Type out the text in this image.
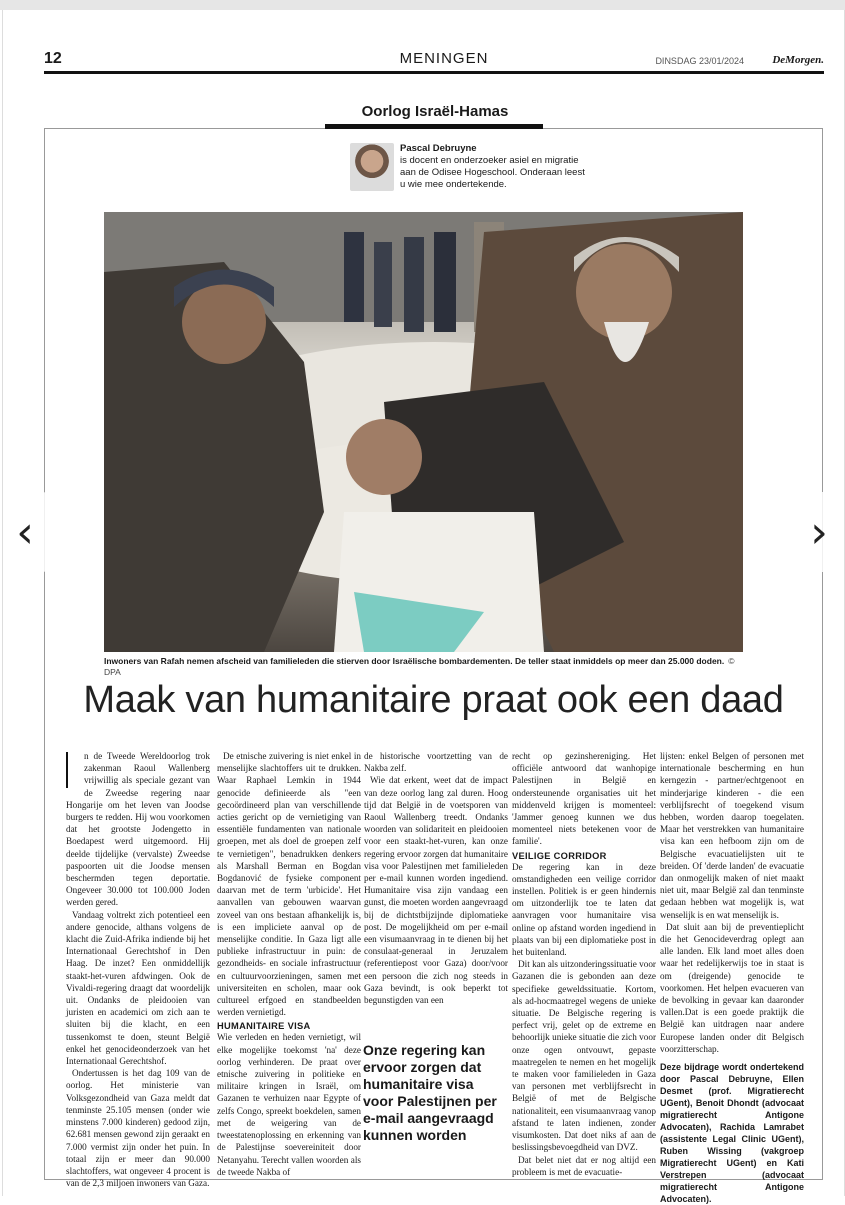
12	MENINGEN	DINSDAG 23/01/2024	DeMorgen.
Oorlog Israël-Hamas
Pascal Debruyne
is docent en onderzoeker asiel en migratie aan de Odisee Hogeschool. Onderaan leest u wie mee ondertekende.
Inwoners van Rafah nemen afscheid van familieleden die stierven door Israëlische bombardementen. De teller staat inmiddels op meer dan 25.000 doden. © DPA
Maak van humanitaire praat ook een daad

n de Tweede Wereldoorlog trok zakenman Raoul Wallenberg vrijwillig als speciale gezant van de Zweedse regering naar Hongarije om het leven van Joodse burgers te redden. Hij wou voorkomen dat het grootste Jodengetto in Boedapest werd uitgemoord. Hij deelde tijdelijke (vervalste) Zweedse paspoorten uit die Joodse mensen beschermden tegen deportatie. Ongeveer 30.000 tot 100.000 Joden werden gered.

Vandaag voltrekt zich potentieel een andere genocide, althans volgens de klacht die Zuid-Afrika indiende bij het Internationaal Gerechtshof in Den Haag. De inzet? Een onmiddellijk staakt-het-vuren afdwingen. Ook de Vivaldi-regering draagt dat woordelijk uit. Ondanks de pleidooien van juristen en academici om zich aan te sluiten bij die klacht, en een tussenkomst te doen, steunt België enkel het genocideonderzoek van het Internationaal Gerechtshof.

Ondertussen is het dag 109 van de oorlog. Het ministerie van Volksgezondheid van Gaza meldt dat tenminste 25.105 mensen (onder wie minstens 7.000 kinderen) gedood zijn, 62.681 mensen gewond zijn geraakt en 7.000 vermist zijn onder het puin. In totaal zijn er meer dan 90.000 slachtoffers, wat ongeveer 4 procent is van de 2,3 miljoen inwoners van Gaza.

De etnische zuivering is niet enkel in menselijke slachtoffers uit te drukken. Waar Raphael Lemkin in 1944 genocide definieerde als "een gecoördineerd plan van verschillende acties gericht op de vernietiging van essentiële fundamenten van nationale groepen, met als doel de groepen zelf te vernietigen", benadrukken denkers als Marshall Berman en Bogdan Bogdanović de fysieke component daarvan met de term 'urbicide'. Het aanvallen van gebouwen waarvan zoveel van ons bestaan afhankelijk is, is een impliciete aanval op de menselijke conditie. In Gaza ligt alle publieke infrastructuur in puin: de gezondheids- en sociale infrastructuur en cultuurvoorzieningen, samen met universiteiten en scholen, maar ook cultureel erfgoed en standbeelden werden vernietigd.

HUMANITAIRE VISA

Wie verleden en heden vernietigt, wil elke mogelijke toekomst 'na' deze oorlog verhinderen. De praat over etnische zuivering in politieke en militaire kringen in Israël, om Gazanen te verhuizen naar Egypte of zelfs Congo, spreekt boekdelen, samen met de weigering van de tweestatenoplossing en erkenning van de Palestijnse soevereiniteit door Netanyahu. Terecht vallen woorden als de tweede Nakba of

de historische voortzetting van de Nakba zelf.

Wie dat erkent, weet dat de impact van deze oorlog lang zal duren. Hoog tijd dat België in de voetsporen van Raoul Wallenberg treedt. Ondanks woorden van solidariteit en pleidooien voor een staakt-het-vuren, kan onze regering ervoor zorgen dat humanitaire visa voor Palestijnen met familieleden per e-mail kunnen worden ingediend. Humanitaire visa zijn vandaag een gunst, die moeten worden aangevraagd bij de dichtstbijzijnde diplomatieke post. De mogelijkheid om per e-mail een visumaanvraag in te dienen bij het consulaat-generaal in Jeruzalem (referentiepost voor Gaza) door/voor een persoon die zich nog steeds in Gaza bevindt, is ook beperkt tot begunstigden van een

recht op gezinshereniging. Het officiële antwoord dat wanhopige Palestijnen in België en ondersteunende organisaties uit het middenveld krijgen is momenteel: 'Jammer genoeg kunnen we dus momenteel niets betekenen voor de familie'.

VEILIGE CORRIDOR

De regering kan in deze omstandigheden een veilige corridor instellen. Politiek is er geen hindernis om uitzonderlijk toe te laten dat aanvragen voor humanitaire visa online op afstand worden ingediend in plaats van bij een diplomatieke post in het buitenland.

Dit kan als uitzonderingssituatie voor Gazanen die is gebonden aan deze specifieke geweldssituatie. Kortom, als ad-hocmaatregel wegens de unieke situatie. De Belgische regering is perfect vrij, gelet op de extreme en behoorlijk unieke situatie die zich voor onze ogen ontvouwt, gepaste maatregelen te nemen en het mogelijk te maken voor familieleden in Gaza van personen met verblijfsrecht in België of met de Belgische nationaliteit, een visumaanvraag vanop afstand te laten indienen, zonder visumkosten. Dat doet niks af aan de beslissingsbevoegdheid van DVZ.

Dat belet niet dat er nog altijd een probleem is met de evacuatie-

lijsten: enkel Belgen of personen met internationale bescherming en hun kerngezin - partner/echtgenoot en minderjarige kinderen - die een verblijfsrecht of toegekend visum hebben, worden daarop toegelaten. Maar het verstrekken van humanitaire visa kan een hefboom zijn om de Belgische evacuatielijsten uit te breiden. Of 'derde landen' de evacuatie dan onmogelijk maken of niet maakt niet uit, maar België zal dan tenminste gedaan hebben wat mogelijk is, wat wenselijk is en wat menselijk is.

Dat sluit aan bij de preventieplicht die het Genocideverdrag oplegt aan alle landen. Elk land moet alles doen waar het redelijkerwijs toe in staat is om (dreigende) genocide te voorkomen. Het helpen evacueren van de bevolking in gevaar kan daaronder vallen.Dat is een goede praktijk die België kan uitdragen naar andere Europese landen onder dit Belgisch voorzitterschap.

Deze bijdrage wordt ondertekend door Pascal Debruyne, Ellen Desmet (prof. Migratierecht UGent), Benoit Dhondt (advocaat migratierecht Antigone Advocaten), Rachida Lamrabet (assistente Legal Clinic UGent), Ruben Wissing (vakgroep Migratierecht UGent) en Kati Verstrepen (advocaat migratierecht Antigone Advocaten).

Onze regering kan ervoor zorgen dat humanitaire visa voor Palestijnen per e-mail aangevraagd kunnen worden
‹	›
